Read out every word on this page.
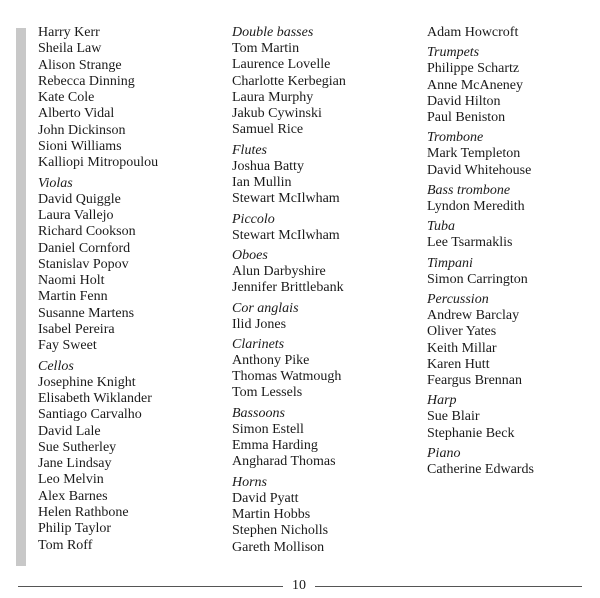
Harry Kerr
Sheila Law
Alison Strange
Rebecca Dinning
Kate Cole
Alberto Vidal
John Dickinson
Sioni Williams
Kalliopi Mitropoulou
Violas
David Quiggle
Laura Vallejo
Richard Cookson
Daniel Cornford
Stanislav Popov
Naomi Holt
Martin Fenn
Susanne Martens
Isabel Pereira
Fay Sweet
Cellos
Josephine Knight
Elisabeth Wiklander
Santiago Carvalho
David Lale
Sue Sutherley
Jane Lindsay
Leo Melvin
Alex Barnes
Helen Rathbone
Philip Taylor
Tom Roff
Double basses
Tom Martin
Laurence Lovelle
Charlotte Kerbegian
Laura Murphy
Jakub Cywinski
Samuel Rice
Flutes
Joshua Batty
Ian Mullin
Stewart McIlwham
Piccolo
Stewart McIlwham
Oboes
Alun Darbyshire
Jennifer Brittlebank
Cor anglais
Ilid Jones
Clarinets
Anthony Pike
Thomas Watmough
Tom Lessels
Bassoons
Simon Estell
Emma Harding
Angharad Thomas
Horns
David Pyatt
Martin Hobbs
Stephen Nicholls
Gareth Mollison
Adam Howcroft
Trumpets
Philippe Schartz
Anne McAneney
David Hilton
Paul Beniston
Trombone
Mark Templeton
David Whitehouse
Bass trombone
Lyndon Meredith
Tuba
Lee Tsarmaklis
Timpani
Simon Carrington
Percussion
Andrew Barclay
Oliver Yates
Keith Millar
Karen Hutt
Feargus Brennan
Harp
Sue Blair
Stephanie Beck
Piano
Catherine Edwards
10
